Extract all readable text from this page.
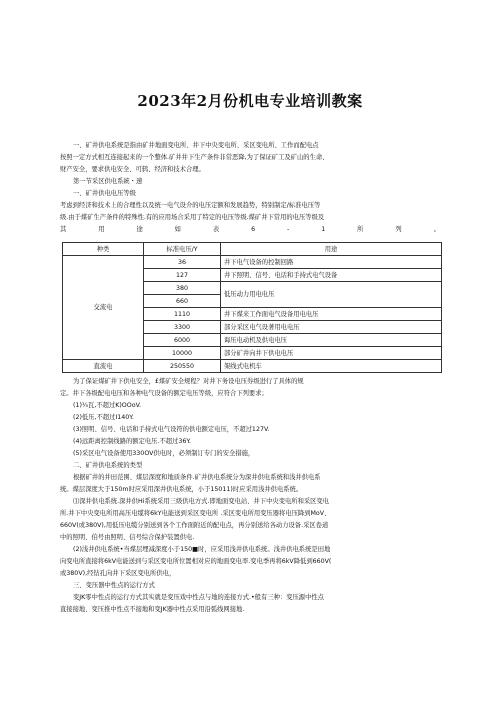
2023年2月份机电专业培训教案

一、矿井供电系统是指由矿井地面变电所、井下中央变电所、采区变电所、工作而配电点

按照一定方式相互连接起来的一个整体.矿井井下生产条件非常恶降,为了保证矿工及矿山的生命、

财产安全，要求供电安全、可鸫、经济和技术合理。

第一节采区供电系統・速

一、矿井供电电压等级

考虑到经济和技术上的合理性以及统一电气设介的电压定额和发展趋势，特别制定/标准电压等

级.由于煤矿生产条件的特殊性.有的应用场合采用了特定的电压等级.煤矿井下常用的电压等级及

其	用	途	如	表	6	-	1	所	列	。
种类	标准电压/Y	用途
交流电	36	井下电气设备的控制回路
	127	井下照明、信号、电话和手持式电气设备
	380	低压动力用电电压
	660	
	1110	井下煤来工作面电气设备用电电压
	3300	部分采区电气设著用电电压
	6000	诲压电动机及供电电压
	10000	部分矿井向井下供电电压
直流电	250550	架线式电机车

为了保证煤矿井下供电安全，£煤矿安全规程？对井下务设电压券级进行了具体的规

定。井下各级配电电压和各种电气设备的额定电压等级，应符合下列要求；

(1)¼瓦,不超过K)OOoV.

(2)低压,不超过I140Y.

(3)照明、信号、电话和手持式电气设符的供电额定电压，不超过127V.

(4)远距离控制线路的额定电压.不超过36Y.

(5)采区电气设备使用330OV供电时，必须制订专门的安全措施，

二、矿井供电系统的类型

根据矿井的井田范围、煤层深度和地质条件.矿井供电系统分为深井供电系统和浅井供电系

统。煤层深度大于150m时应采用深井供电系统，小于15011)时应采用浅井供电系统。

⑴深井供电系统.深井供Hi系统采用三级供电方式.即地面变电站、井下中央变电所和采区变电

所.井下中央变电所用高压电缆将6kY电能送到采区变电所 .采区变电所用变压器将电压降到MoV、

660V(或380V),用低压电缆分别送到各个工作面附近的配电点，再分别送给各动力设备.采区卷道

中的照明、伯号由照明、信号综合保护装置供电.

(2)浅井供电系统•当煤层埋减深度小于150■时，应采用浅井供电系统。浅井供电系统是田地

向变电所直接将6kV电能送到与采区变电所位置相对应的地面变电率.变电季再将6kV降低到660V(

或380V),经钻孔向井下采区变电所供电，

三、变压器中性点的运行方式

变JK零中性点的运行方式其实就是变压戏中性点与地的连接方式.•般有三种：变压源中性点

直接接地、变压推中性点不接地和变JK器中性点采用沿弧线网接地.
